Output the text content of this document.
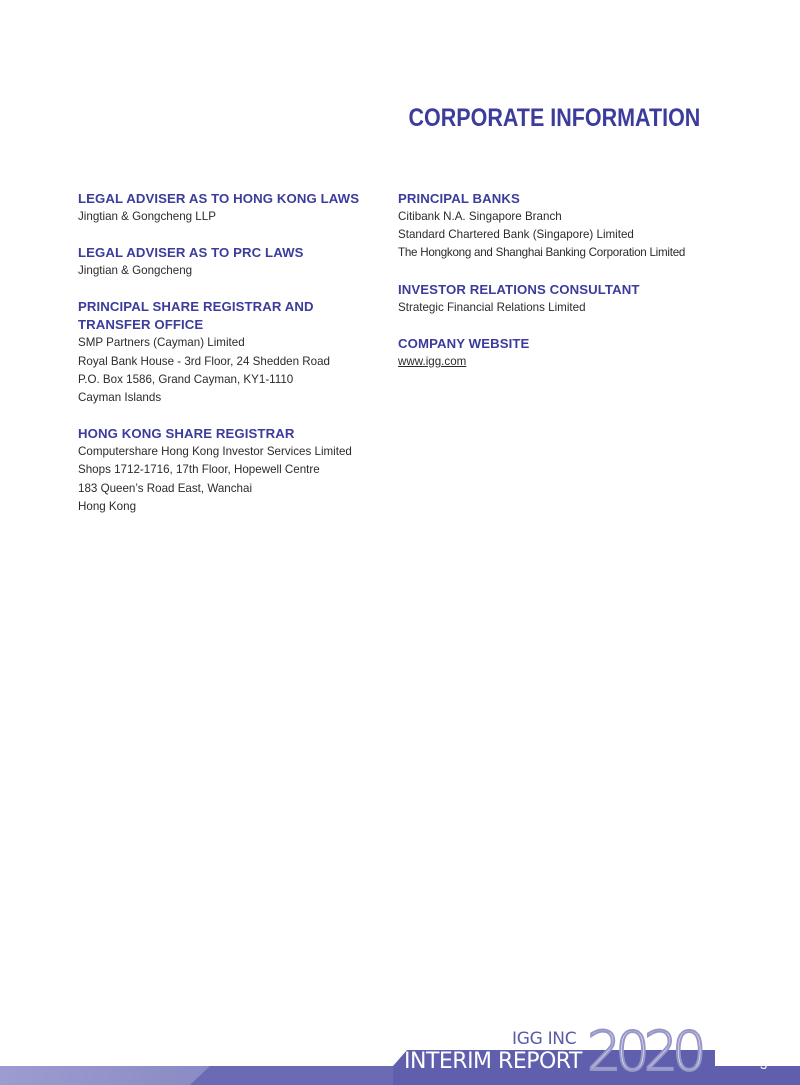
CORPORATE INFORMATION
LEGAL ADVISER AS TO HONG KONG LAWS
Jingtian & Gongcheng LLP
LEGAL ADVISER AS TO PRC LAWS
Jingtian & Gongcheng
PRINCIPAL SHARE REGISTRAR AND
TRANSFER OFFICE
SMP Partners (Cayman) Limited
Royal Bank House - 3rd Floor, 24 Shedden Road
P.O. Box 1586, Grand Cayman, KY1-1110
Cayman Islands
HONG KONG SHARE REGISTRAR
Computershare Hong Kong Investor Services Limited
Shops 1712-1716, 17th Floor, Hopewell Centre
183 Queen’s Road East, Wanchai
Hong Kong
PRINCIPAL BANKS
Citibank N.A. Singapore Branch
Standard Chartered Bank (Singapore) Limited
The Hongkong and Shanghai Banking Corporation Limited
INVESTOR RELATIONS CONSULTANT
Strategic Financial Relations Limited
COMPANY WEBSITE
www.igg.com
IGG INC
INTERIM REPORT 2020	3
